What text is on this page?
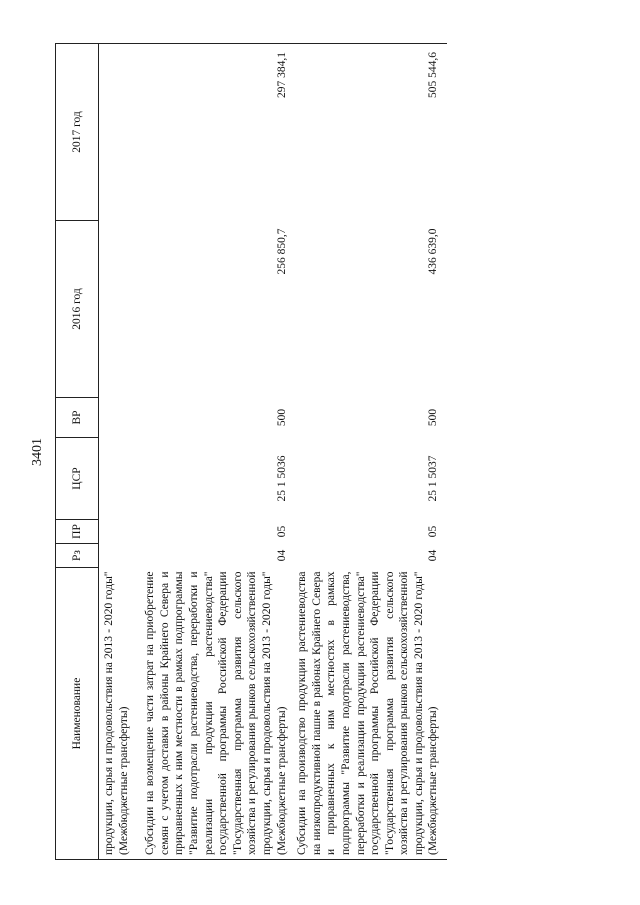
3401
Наименование	Рз	ПР	ЦСР	ВР	2016 год	2017 год
продукции, сырья и продовольствия на 2013 - 2020 годы" (Межбюджетные трансферты)						
Субсидии на возмещение части затрат на приобретение семян с учетом доставки в районы Крайнего Севера и приравненных к ним местности в рамках подпрограммы "Развитие подотрасли растениеводства, переработки и реализации продукции растениеводства" государственной программы Российской Федерации "Государственная программа развития сельского хозяйства и регулирования рынков сельскохозяйственной продукции, сырья и продовольствия на 2013 - 2020 годы" (Межбюджетные трансферты)	04	05	25 1 5036	500	256 850,7	297 384,1
Субсидии на производство продукции растениеводства на низкопродуктивной пашне в районах Крайнего Севера и приравненных к ним местностях в рамках подпрограммы "Развитие подотрасли растениеводства, переработки и реализации продукции растениеводства" государственной программы Российской Федерации "Государственная программа развития сельского хозяйства и регулирования рынков сельскохозяйственной продукции, сырья и продовольствия на 2013 - 2020 годы" (Межбюджетные трансферты)	04	05	25 1 5037	500	436 639,0	505 544,6
